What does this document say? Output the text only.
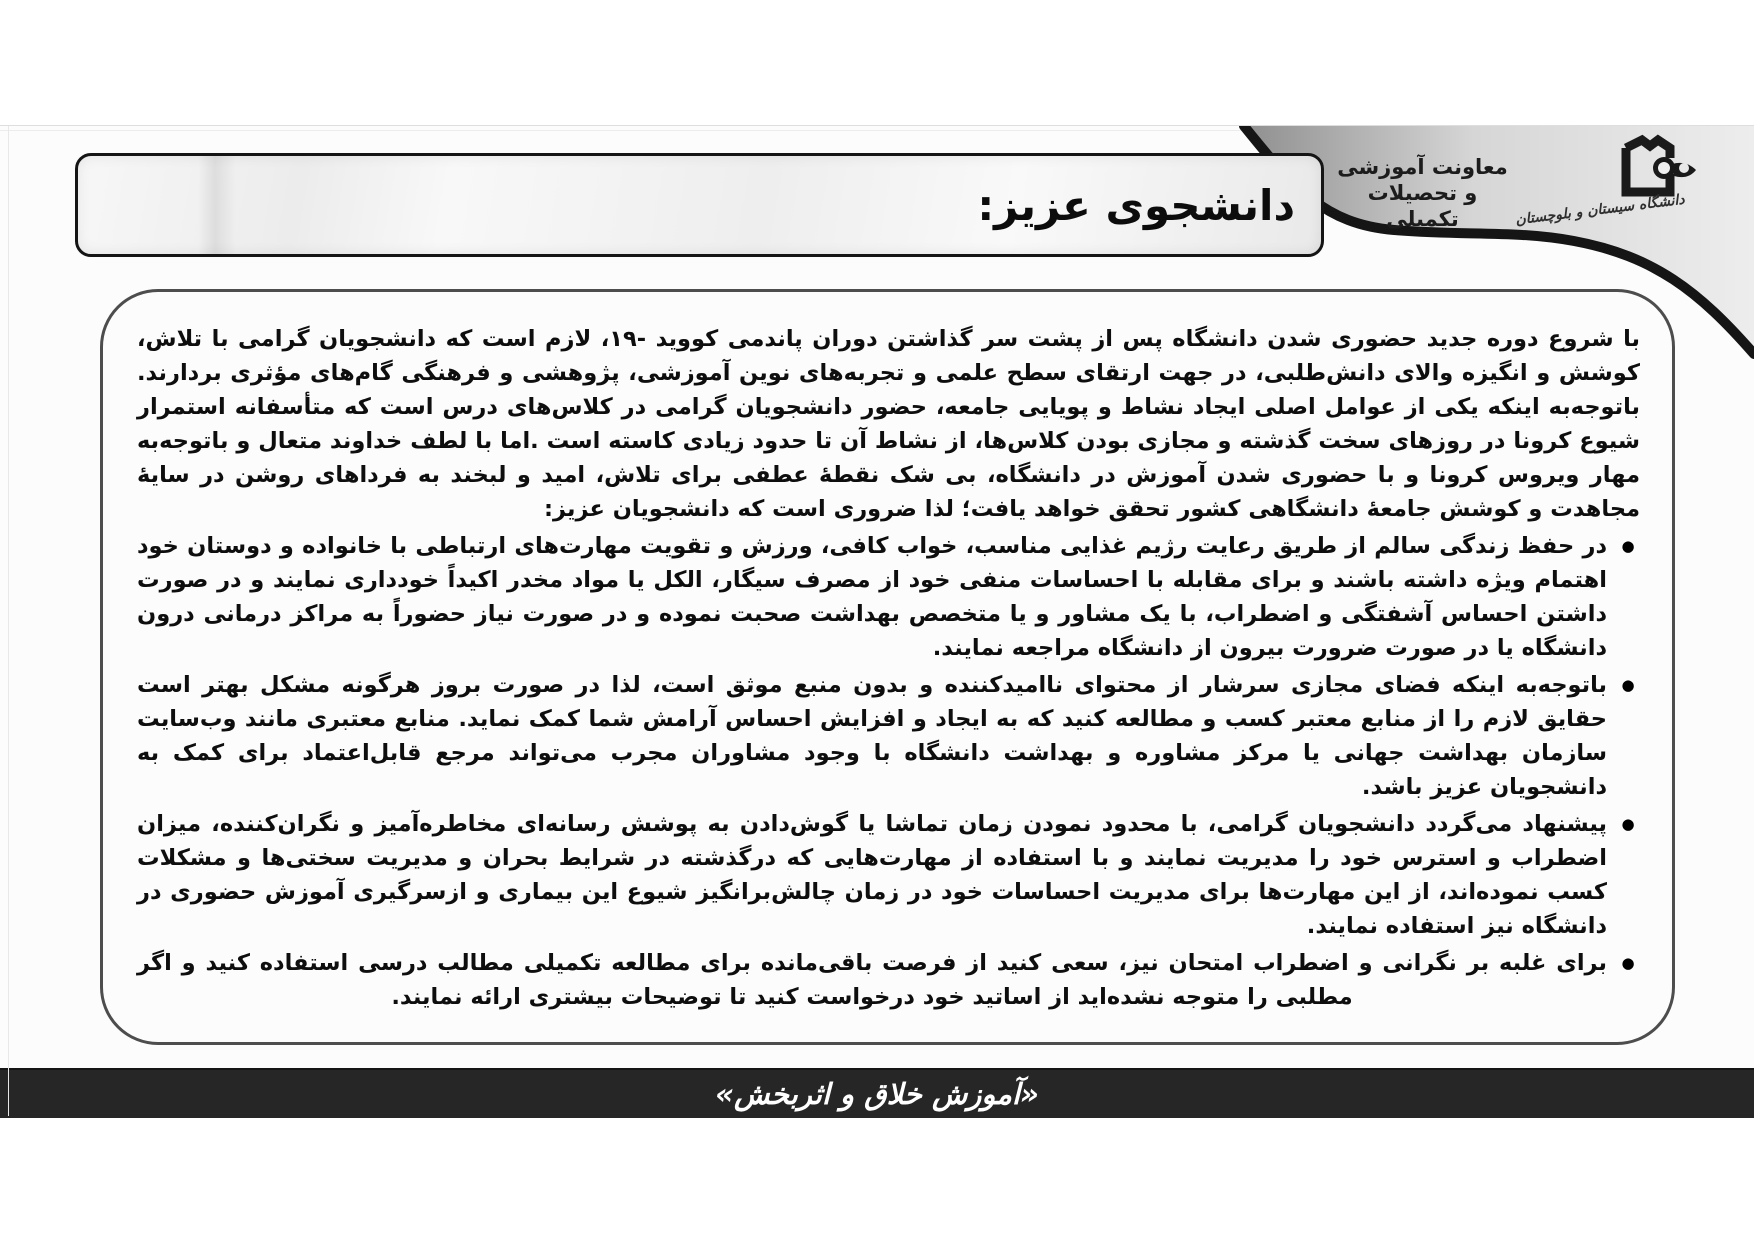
معاونت آموزشی
و تحصیلات تکمیلی	دانشگاه سیستان و بلوچستان
دانشجوی عزیز:

با شروع دوره جدید حضوری شدن دانشگاه پس از پشت سر گذاشتن دوران پاندمی کووید -۱۹، لازم است که دانشجویان گرامی با تلاش، کوشش و انگیزه والای دانش‌طلبی، در جهت ارتقای سطح علمی و تجربه‌های نوین آموزشی، پژوهشی و فرهنگی گام‌های مؤثری بردارند. باتوجه‌به اینکه یکی از عوامل اصلی ایجاد نشاط و پویایی جامعه، حضور دانشجویان گرامی در کلاس‌های درس است که متأسفانه استمرار شیوع کرونا در روزهای سخت گذشته و مجازی بودن کلاس‌ها، از نشاط آن تا حدود زیادی کاسته است .اما با لطف خداوند متعال و باتوجه‌به مهار ویروس کرونا و با حضوری شدن آموزش در دانشگاه، بی شک نقطهٔ عطفی برای تلاش، امید و لبخند به فرداهای روشن در سایهٔ مجاهدت و کوشش جامعهٔ دانشگاهی کشور تحقق خواهد یافت؛ لذا ضروری است که دانشجویان عزیز:

●
در حفظ زندگی سالم از طریق رعایت رژیم غذایی مناسب، خواب کافی، ورزش و تقویت مهارت‌های ارتباطی با خانواده و دوستان خود اهتمام ویژه داشته باشند و برای مقابله با احساسات منفی خود از مصرف سیگار، الکل یا مواد مخدر اکیداً خودداری نمایند و در صورت داشتن احساس آشفتگی و اضطراب، با یک مشاور و یا متخصص بهداشت صحبت نموده و در صورت نیاز حضوراً به مراکز درمانی درون دانشگاه یا در صورت ضرورت بیرون از دانشگاه مراجعه نمایند.
●
باتوجه‌به اینکه فضای مجازی سرشار از محتوای ناامیدکننده و بدون منبع موثق است، لذا در صورت بروز هرگونه مشکل بهتر است حقایق لازم را از منابع معتبر کسب و مطالعه کنید که به ایجاد و افزایش احساس آرامش شما کمک نماید. منابع معتبری مانند وب‌سایت سازمان بهداشت جهانی یا مرکز مشاوره و بهداشت دانشگاه با وجود مشاوران مجرب می‌تواند مرجع قابل‌اعتماد برای کمک به دانشجویان عزیز باشد.
●
پیشنهاد می‌گردد دانشجویان گرامی، با محدود نمودن زمان تماشا یا گوش‌دادن به پوشش رسانه‌ای مخاطره‌آمیز و نگران‌کننده، میزان اضطراب و استرس خود را مدیریت نمایند و با استفاده از مهارت‌هایی که درگذشته در شرایط بحران و مدیریت سختی‌ها و مشکلات کسب نموده‌اند، از این مهارت‌ها برای مدیریت احساسات خود در زمان چالش‌برانگیز شیوع این بیماری و ازسرگیری آموزش حضوری در دانشگاه نیز استفاده نمایند.
●
برای غلبه بر نگرانی و اضطراب امتحان نیز، سعی کنید از فرصت باقی‌مانده برای مطالعه تکمیلی مطالب درسی استفاده کنید و اگر مطلبی را متوجه نشده‌اید از اساتید خود درخواست کنید تا توضیحات بیشتری ارائه نمایند.
«آموزش خلاق و اثربخش»
